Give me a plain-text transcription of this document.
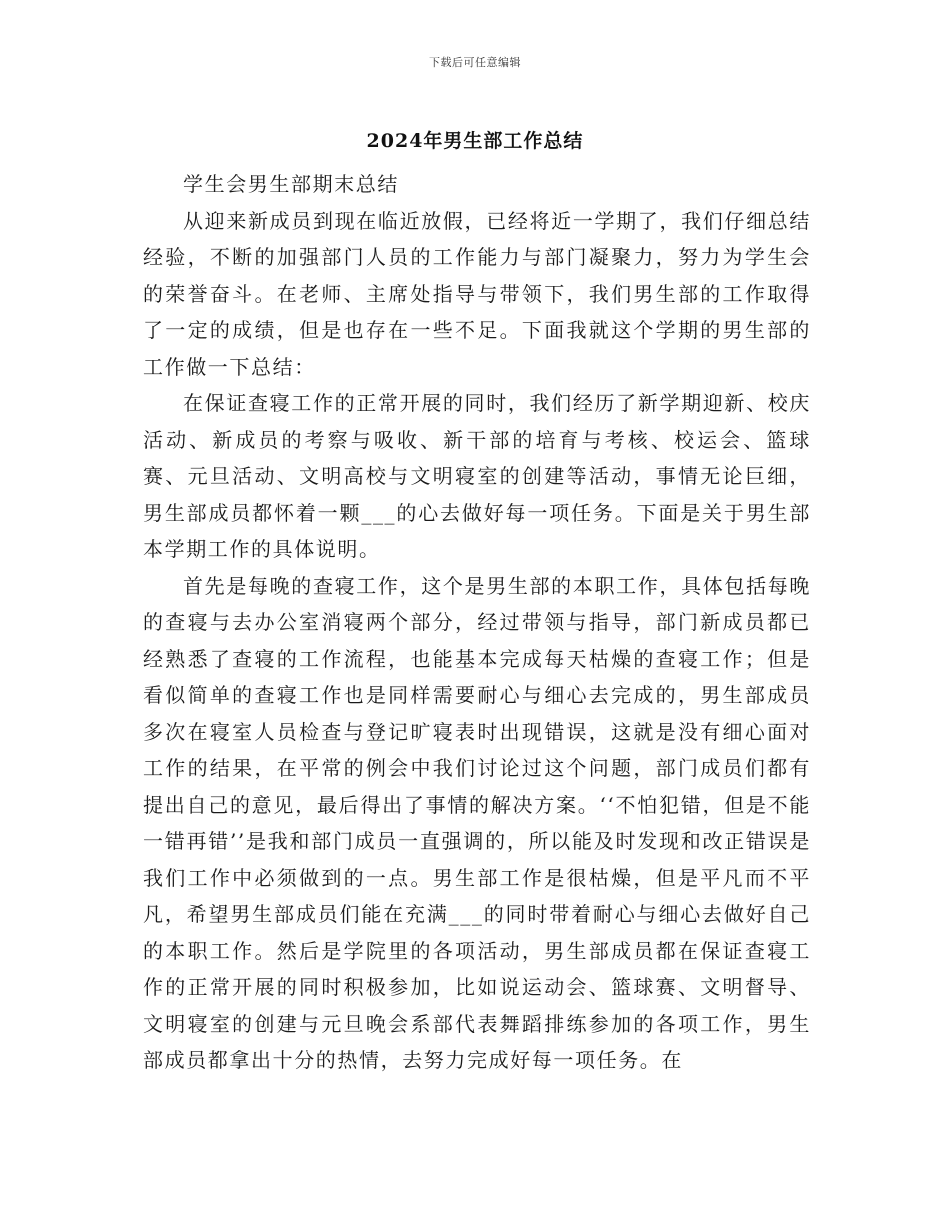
下载后可任意编辑
2024年男生部工作总结

学生会男生部期末总结

从迎来新成员到现在临近放假，已经将近一学期了，我们仔细总结经验，不断的加强部门人员的工作能力与部门凝聚力，努力为学生会的荣誉奋斗。在老师、主席处指导与带领下，我们男生部的工作取得了一定的成绩，但是也存在一些不足。下面我就这个学期的男生部的工作做一下总结：

在保证查寝工作的正常开展的同时，我们经历了新学期迎新、校庆活动、新成员的考察与吸收、新干部的培育与考核、校运会、篮球赛、元旦活动、文明高校与文明寝室的创建等活动，事情无论巨细，男生部成员都怀着一颗___的心去做好每一项任务。下面是关于男生部本学期工作的具体说明。

首先是每晚的查寝工作，这个是男生部的本职工作，具体包括每晚的查寝与去办公室消寝两个部分，经过带领与指导，部门新成员都已经熟悉了查寝的工作流程，也能基本完成每天枯燥的查寝工作；但是看似简单的查寝工作也是同样需要耐心与细心去完成的，男生部成员多次在寝室人员检查与登记旷寝表时出现错误，这就是没有细心面对工作的结果，在平常的例会中我们讨论过这个问题，部门成员们都有提出自己的意见，最后得出了事情的解决方案。‘‘不怕犯错，但是不能一错再错’’是我和部门成员一直强调的，所以能及时发现和改正错误是我们工作中必须做到的一点。男生部工作是很枯燥，但是平凡而不平凡，希望男生部成员们能在充满___的同时带着耐心与细心去做好自己的本职工作。然后是学院里的各项活动，男生部成员都在保证查寝工作的正常开展的同时积极参加，比如说运动会、篮球赛、文明督导、文明寝室的创建与元旦晚会系部代表舞蹈排练参加的各项工作，男生部成员都拿出十分的热情，去努力完成好每一项任务。在
